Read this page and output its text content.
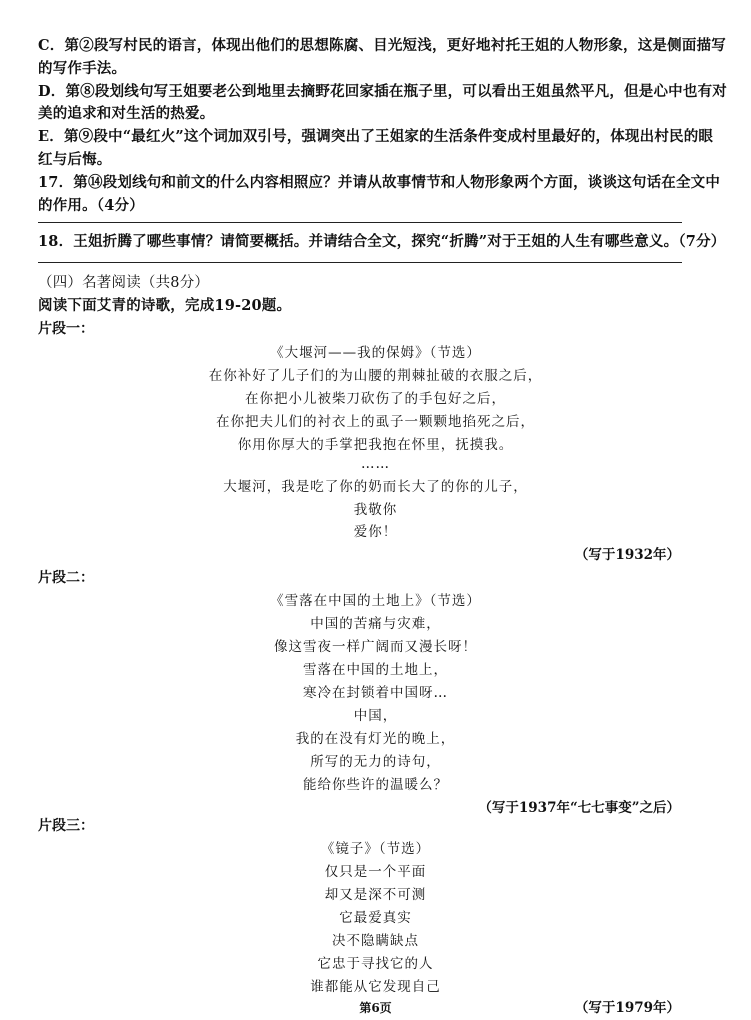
C．第②段写村民的语言，体现出他们的思想陈腐、目光短浅，更好地衬托王姐的人物形象，这是侧面描写
的写作手法。
D．第⑧段划线句写王姐要老公到地里去摘野花回家插在瓶子里，可以看出王姐虽然平凡，但是心中也有对
美的追求和对生活的热爱。
E．第⑨段中“最红火”这个词加双引号，强调突出了王姐家的生活条件变成村里最好的，体现出村民的眼
红与后悔。
17．第⑭段划线句和前文的什么内容相照应？并请从故事情节和人物形象两个方面，谈谈这句话在全文中
的作用。（4分）
18．王姐折腾了哪些事情？请简要概括。并请结合全文，探究“折腾”对于王姐的人生有哪些意义。（7分）
（四）名著阅读（共8分）
阅读下面艾青的诗歌，完成19-20题。
片段一：
《大堰河——我的保姆》（节选）
在你补好了儿子们的为山腰的荆棘扯破的衣服之后，
在你把小儿被柴刀砍伤了的手包好之后，
在你把夫儿们的衬衣上的虱子一颗颗地掐死之后，
你用你厚大的手掌把我抱在怀里，抚摸我。
……
大堰河，我是吃了你的奶而长大了的你的儿子，
我敬你
爱你！
（写于1932年）
片段二：
《雪落在中国的土地上》（节选）
中国的苦痛与灾难，
像这雪夜一样广阔而又漫长呀！
雪落在中国的土地上，
寒冷在封锁着中国呀…
中国，
我的在没有灯光的晚上，
所写的无力的诗句，
能给你些许的温暖么？
（写于1937年“七七事变”之后）
片段三：
《镜子》（节选）
仅只是一个平面
却又是深不可测
它最爱真实
决不隐瞒缺点
它忠于寻找它的人
谁都能从它发现自己
（写于1979年）
第6页
